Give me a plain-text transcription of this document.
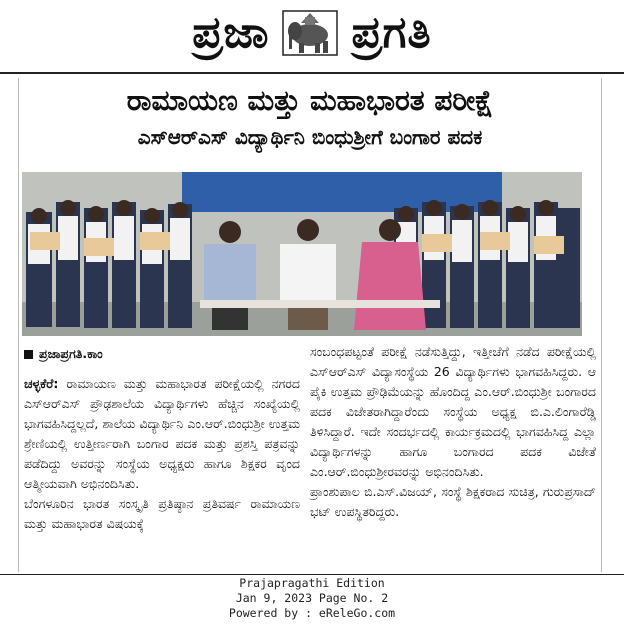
ಪ್ರಜಾ ಪ್ರಗತಿ
ರಾಮಾಯಣ ಮತ್ತು ಮಹಾಭಾರತ ಪರೀಕ್ಷೆ
ಎಸ್‌ಆರ್‌ಎಸ್ ವಿದ್ಯಾರ್ಥಿನಿ ಬಿಂಧುಶ್ರೀಗೆ ಬಂಗಾರ ಪದಕ
ಪ್ರಜಾಪ್ರಗತಿ.ಕಾಂ

ಚಳ್ಳಕೆರೆ: ರಾಮಾಯಣ ಮತ್ತು ಮಹಾಭಾರತ ಪರೀಕ್ಷೆಯಲ್ಲಿ ನಗರದ ಎಸ್‌ಆರ್‌ಎಸ್ ಪ್ರೌಢಶಾಲೆಯ ವಿದ್ಯಾರ್ಥಿಗಳು ಹೆಚ್ಚಿನ ಸಂಖ್ಯೆಯಲ್ಲಿ ಭಾಗವಹಿಸಿದ್ದಲ್ಲದೆ, ಶಾಲೆಯ ವಿದ್ಯಾರ್ಥಿನಿ ಎಂ.ಆರ್.ಬಿಂಧುಶ್ರೀ ಉತ್ತಮ ಶ್ರೇಣಿಯಲ್ಲಿ ಉತ್ತೀರ್ಣರಾಗಿ ಬಂಗಾರ ಪದಕ ಮತ್ತು ಪ್ರಶಸ್ತಿ ಪತ್ರವನ್ನು ಪಡೆದಿದ್ದು ಅವರನ್ನು ಸಂಸ್ಥೆಯ ಅಧ್ಯಕ್ಷರು ಹಾಗೂ ಶಿಕ್ಷಕರ ವೃಂದ ಆತ್ಮೀಯವಾಗಿ ಅಭಿನಂದಿಸಿತು.

ಬೆಂಗಳೂರಿನ ಭಾರತ ಸಂಸ್ಕೃತಿ ಪ್ರತಿಷ್ಠಾನ ಪ್ರತಿವರ್ಷ ರಾಮಾಯಣ ಮತ್ತು ಮಹಾಭಾರತ ವಿಷಯಕ್ಕೆ

ಸಂಬಂಧಪಟ್ಟಂತೆ ಪರೀಕ್ಷೆ ನಡೆಸುತ್ತಿದ್ದು, ಇತ್ತೀಚೆಗೆ ನಡೆದ ಪರೀಕ್ಷೆಯಲ್ಲಿ ಎಸ್‌ಆರ್‌ಎಸ್ ವಿದ್ಯಾಸಂಸ್ಥೆಯ 26 ವಿದ್ಯಾರ್ಥಿಗಳು ಭಾಗವಹಿಸಿದ್ದರು. ಆ ಪೈಕಿ ಉತ್ತಮ ಪ್ರೌಢಿಮೆಯನ್ನು ಹೊಂದಿದ್ದ ಎಂ.ಆರ್.ಬಿಂಧುಶ್ರೀ ಬಂಗಾರದ ಪದಕ ವಿಜೇತರಾಗಿದ್ದಾರೆಂದು ಸಂಸ್ಥೆಯ ಅಧ್ಯಕ್ಷ ಬಿ.ಎ.ಲಿಂಗಾರೆಡ್ಡಿ ತಿಳಿಸಿದ್ದಾರೆ. ಇದೇ ಸಂದರ್ಭದಲ್ಲಿ ಕಾರ್ಯಕ್ರಮದಲ್ಲಿ ಭಾಗವಹಿಸಿದ್ದ ಎಲ್ಲಾ ವಿದ್ಯಾರ್ಥಿಗಳನ್ನು ಹಾಗೂ ಬಂಗಾರದ ಪದಕ ವಿಜೇತೆ ಎಂ.ಆರ್.ಬಿಂಧುಶ್ರೀರವರನ್ನು ಅಭಿನಂದಿಸಿತು.

ಪ್ರಾಂಶುಪಾಲ ಬಿ.ಎಸ್.ವಿಜಯ್, ಸಂಸ್ಥೆ ಶಿಕ್ಷಕರಾದ ಸುಚಿತ್ರ, ಗುರುಪ್ರಸಾದ್ ಭಟ್ ಉಪಸ್ಥಿತರಿದ್ದರು.

Prajapragathi Edition
Jan 9, 2023 Page No. 2
Powered by : eReleGo.com
